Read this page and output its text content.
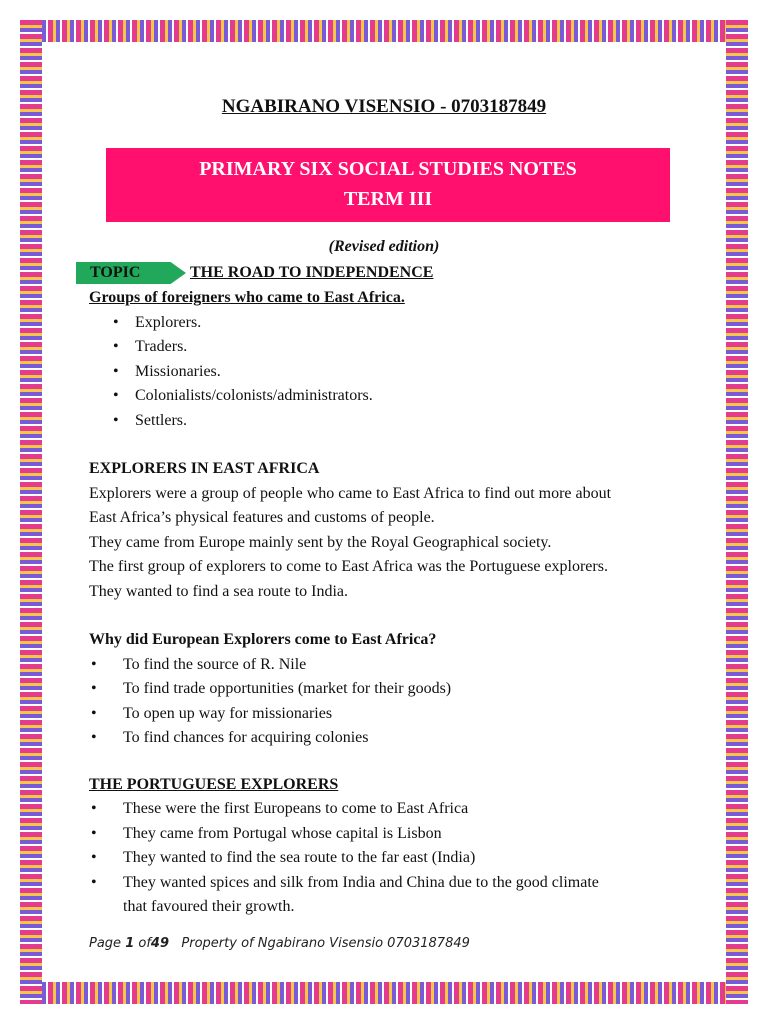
NGABIRANO VISENSIO - 0703187849
PRIMARY SIX SOCIAL STUDIES NOTES
TERM III
(Revised edition)
TOPIC	THE ROAD TO INDEPENDENCE
Groups of foreigners who came to East Africa.
• Explorers.
• Traders.
• Missionaries.
• Colonialists/colonists/administrators.
• Settlers.
EXPLORERS IN EAST AFRICA
Explorers were a group of people who came to East Africa to find out more about
East Africa’s physical features and customs of people.
They came from Europe mainly sent by the Royal Geographical society.
The first group of explorers to come to East Africa was the Portuguese explorers.
They wanted to find a sea route to India.
Why did European Explorers come to East Africa?
• To find the source of R. Nile
• To find trade opportunities (market for their goods)
• To open up way for missionaries
• To find chances for acquiring colonies
THE PORTUGUESE EXPLORERS
• These were the first Europeans to come to East Africa
• They came from Portugal whose capital is Lisbon
• They wanted to find the sea route to the far east (India)
• They wanted spices and silk from India and China due to the good climate
that favoured their growth.
Page 1 of49 Property of Ngabirano Visensio 0703187849
